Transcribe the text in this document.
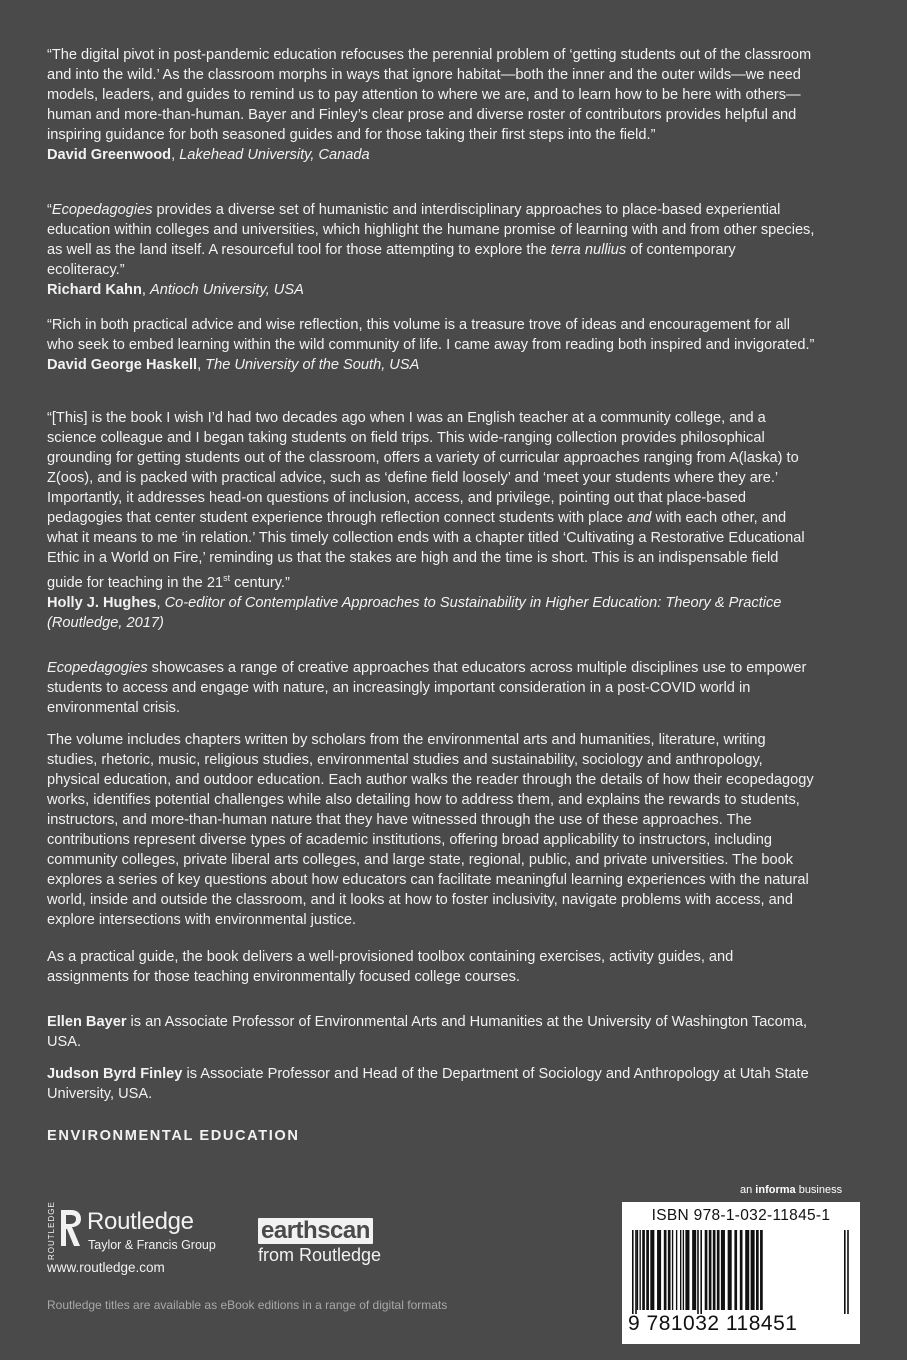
“The digital pivot in post-pandemic education refocuses the perennial problem of ‘getting students out of the classroom and into the wild.’ As the classroom morphs in ways that ignore habitat—both the inner and the outer wilds—we need models, leaders, and guides to remind us to pay attention to where we are, and to learn how to be here with others—human and more-than-human. Bayer and Finley’s clear prose and diverse roster of contributors provides helpful and inspiring guidance for both seasoned guides and for those taking their first steps into the field.”

David Greenwood, Lakehead University, Canada

“Ecopedagogies provides a diverse set of humanistic and interdisciplinary approaches to place-based experiential education within colleges and universities, which highlight the humane promise of learning with and from other species, as well as the land itself. A resourceful tool for those attempting to explore the terra nullius of contemporary ecoliteracy.”

Richard Kahn, Antioch University, USA

“Rich in both practical advice and wise reflection, this volume is a treasure trove of ideas and encouragement for all who seek to embed learning within the wild community of life. I came away from reading both inspired and invigorated.”

David George Haskell, The University of the South, USA

“[This] is the book I wish I’d had two decades ago when I was an English teacher at a community college, and a science colleague and I began taking students on field trips. This wide-ranging collection provides philosophical grounding for getting students out of the classroom, offers a variety of curricular approaches ranging from A(laska) to Z(oos), and is packed with practical advice, such as ‘define field loosely’ and ‘meet your students where they are.’ Importantly, it addresses head-on questions of inclusion, access, and privilege, pointing out that place-based pedagogies that center student experience through reflection connect students with place and with each other, and what it means to me ‘in relation.’ This timely collection ends with a chapter titled ‘Cultivating a Restorative Educational Ethic in a World on Fire,’ reminding us that the stakes are high and the time is short. This is an indispensable field guide for teaching in the 21st century.”

Holly J. Hughes, Co-editor of Contemplative Approaches to Sustainability in Higher Education: Theory & Practice (Routledge, 2017)

Ecopedagogies showcases a range of creative approaches that educators across multiple disciplines use to empower students to access and engage with nature, an increasingly important consideration in a post-COVID world in environmental crisis.

The volume includes chapters written by scholars from the environmental arts and humanities, literature, writing studies, rhetoric, music, religious studies, environmental studies and sustainability, sociology and anthropology, physical education, and outdoor education. Each author walks the reader through the details of how their ecopedagogy works, identifies potential challenges while also detailing how to address them, and explains the rewards to students, instructors, and more-than-human nature that they have witnessed through the use of these approaches. The contributions represent diverse types of academic institutions, offering broad applicability to instructors, including community colleges, private liberal arts colleges, and large state, regional, public, and private universities. The book explores a series of key questions about how educators can facilitate meaningful learning experiences with the natural world, inside and outside the classroom, and it looks at how to foster inclusivity, navigate problems with access, and explore intersections with environmental justice.

As a practical guide, the book delivers a well-provisioned toolbox containing exercises, activity guides, and assignments for those teaching environmentally focused college courses.

Ellen Bayer is an Associate Professor of Environmental Arts and Humanities at the University of Washington Tacoma, USA.

Judson Byrd Finley is Associate Professor and Head of the Department of Sociology and Anthropology at Utah State University, USA.

ENVIRONMENTAL EDUCATION
ROUTLEDGE Routledge
Taylor & Francis Group
www.routledge.com
earthscan
from Routledge
Routledge titles are available as eBook editions in a range of digital formats
an informa business
ISBN 978-1-032-11845-1
9 781032 118451
